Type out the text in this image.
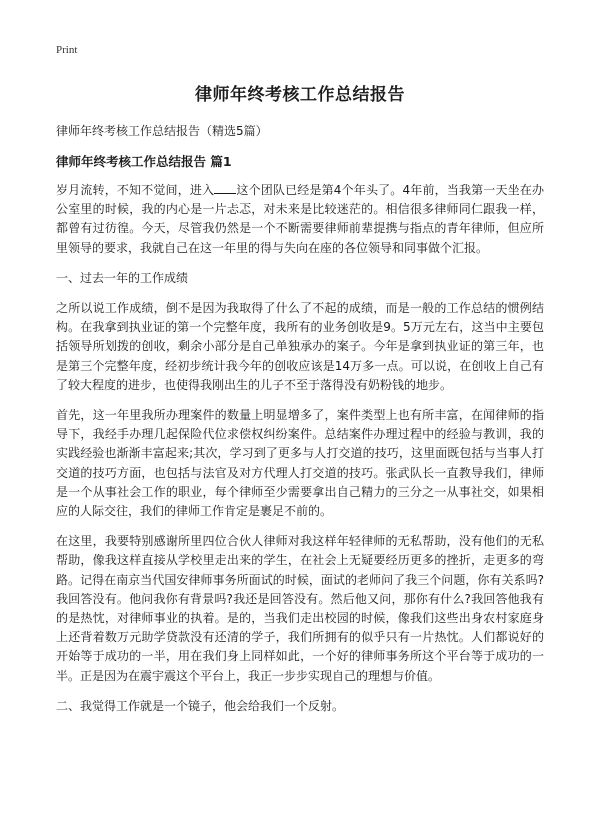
Print
律师年终考核工作总结报告
律师年终考核工作总结报告（精选5篇）
律师年终考核工作总结报告 篇1

岁月流转，不知不觉间，进入 这个团队已经是第4个年头了。4年前，当我第一天坐在办公室里的时候，我的内心是一片忐忑，对未来是比较迷茫的。相信很多律师同仁跟我一样，都曾有过彷徨。今天，尽管我仍然是一个不断需要律师前辈提携与指点的青年律师，但应所里领导的要求，我就自己在这一年里的得与失向在座的各位领导和同事做个汇报。

一、过去一年的工作成绩

之所以说工作成绩，倒不是因为我取得了什么了不起的成绩，而是一般的工作总结的惯例结构。在我拿到执业证的第一个完整年度，我所有的业务创收是9。5万元左右，这当中主要包括领导所划拨的创收，剩余小部分是自己单独承办的案子。今年是拿到执业证的第三年，也是第三个完整年度，经初步统计我今年的创收应该是14万多一点。可以说，在创收上自己有了较大程度的进步，也使得我刚出生的儿子不至于落得没有奶粉钱的地步。

首先，这一年里我所办理案件的数量上明显增多了，案件类型上也有所丰富，在闻律师的指导下，我经手办理几起保险代位求偿权纠纷案件。总结案件办理过程中的经验与教训，我的实践经验也渐渐丰富起来;其次，学习到了更多与人打交道的技巧，这里面既包括与当事人打交道的技巧方面，也包括与法官及对方代理人打交道的技巧。张武队长一直教导我们，律师是一个从事社会工作的职业，每个律师至少需要拿出自己精力的三分之一从事社交，如果相应的人际交往，我们的律师工作肯定是裹足不前的。

在这里，我要特别感谢所里四位合伙人律师对我这样年轻律师的无私帮助，没有他们的无私帮助，像我这样直接从学校里走出来的学生，在社会上无疑要经历更多的挫折，走更多的弯路。记得在南京当代国安律师事务所面试的时候，面试的老师问了我三个问题，你有关系吗?我回答没有。他问我你有背景吗?我还是回答没有。然后他又问，那你有什么?我回答他我有的是热忱，对律师事业的执着。是的，当我们走出校园的时候，像我们这些出身农村家庭身上还背着数万元助学贷款没有还清的学子，我们所拥有的似乎只有一片热忱。人们都说好的开始等于成功的一半，用在我们身上同样如此，一个好的律师事务所这个平台等于成功的一半。正是因为在震宇震这个平台上，我正一步步实现自己的理想与价值。

二、我觉得工作就是一个镜子，他会给我们一个反射。
